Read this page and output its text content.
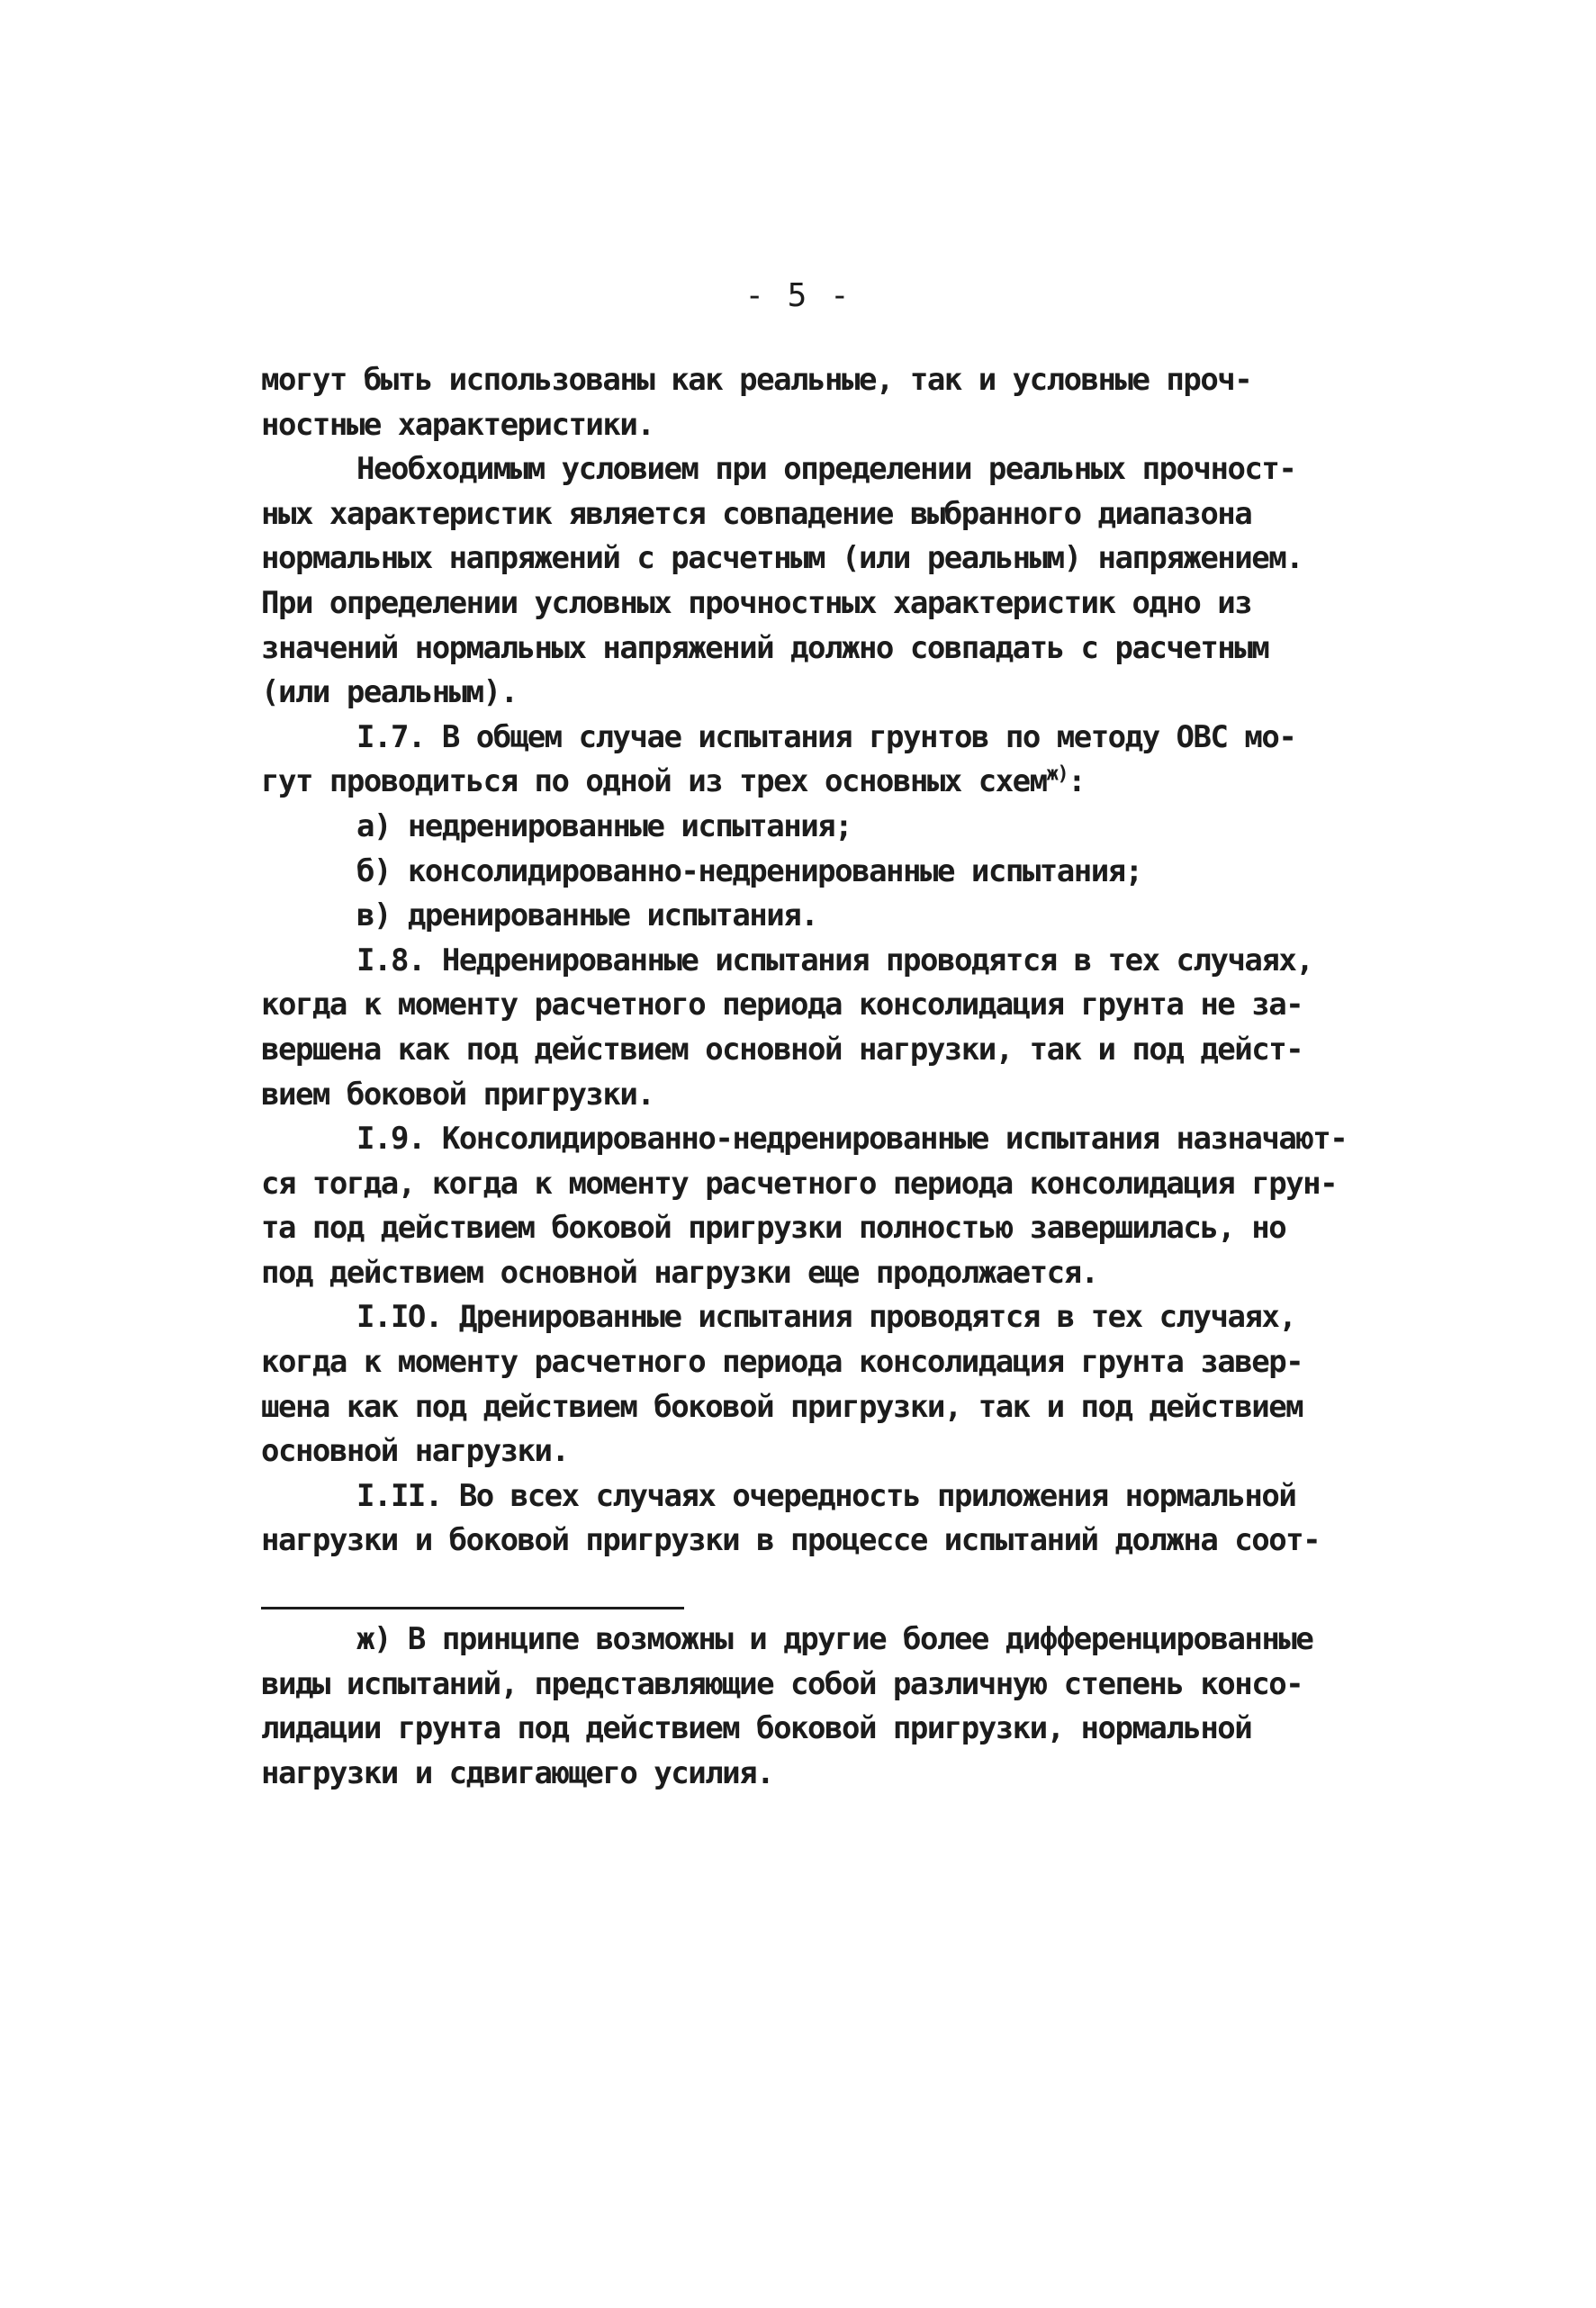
- 5 -
могут быть использованы как реальные, так и условные проч-
ностные характеристики.
Необходимым условием при определении реальных прочност-
ных характеристик является совпадение выбранного диапазона
нормальных напряжений с расчетным (или реальным) напряжением.
При определении условных прочностных характеристик одно из
значений нормальных напряжений должно совпадать с расчетным
(или реальным).
I.7. В общем случае испытания грунтов по методу ОВС мо-
гут проводиться по одной из трех основных схем$^{ж)}$:
а) недренированные испытания;
б) консолидированно-недренированные испытания;
в) дренированные испытания.
I.8. Недренированные испытания проводятся в тех случаях,
когда к моменту расчетного периода консолидация грунта не за-
вершена как под действием основной нагрузки, так и под дейст-
вием боковой пригрузки.
I.9. Консолидированно-недренированные испытания назначают-
ся тогда, когда к моменту расчетного периода консолидация грун-
та под действием боковой пригрузки полностью завершилась, но
под действием основной нагрузки еще продолжается.
I.IO. Дренированные испытания проводятся в тех случаях,
когда к моменту расчетного периода консолидация грунта завер-
шена как под действием боковой пригрузки, так и под действием
основной нагрузки.
I.II. Во всех случаях очередность приложения нормальной
нагрузки и боковой пригрузки в процессе испытаний должна соот-
ж) В принципе возможны и другие более дифференцированные
виды испытаний, представляющие собой различную степень консо-
лидации грунта под действием боковой пригрузки, нормальной
нагрузки и сдвигающего усилия.
